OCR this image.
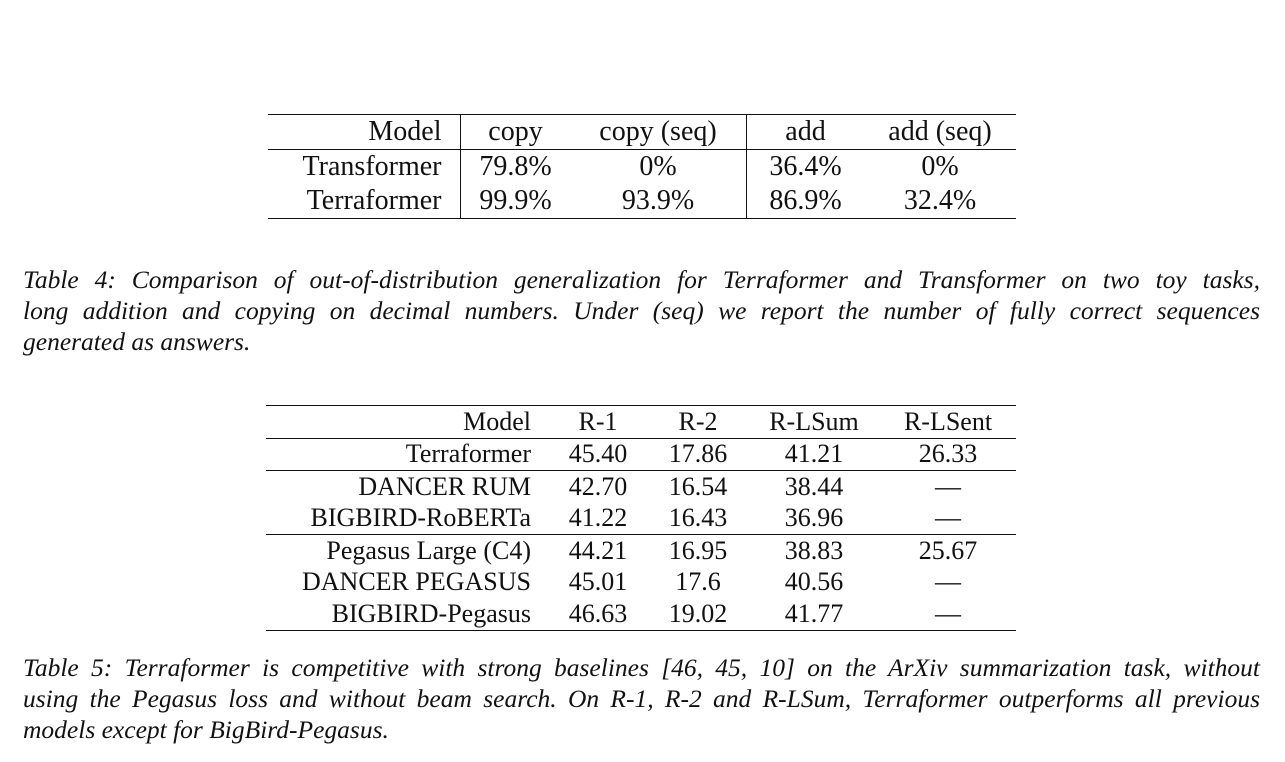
Model	copy	copy (seq)	add	add (seq)
Transformer	79.8%	0%	36.4%	0%
Terraformer	99.9%	93.9%	86.9%	32.4%

Table 4: Comparison of out-of-distribution generalization for Terraformer and Transformer on two toy tasks,
long addition and copying on decimal numbers. Under (seq) we report the number of fully correct sequences
generated as answers.

Model	R-1	R-2	R-LSum	R-LSent
Terraformer	45.40	17.86	41.21	26.33
DANCER RUM	42.70	16.54	38.44	—
BIGBIRD-RoBERTa	41.22	16.43	36.96	—
Pegasus Large (C4)	44.21	16.95	38.83	25.67
DANCER PEGASUS	45.01	17.6	40.56	—
BIGBIRD-Pegasus	46.63	19.02	41.77	—

Table 5: Terraformer is competitive with strong baselines [46, 45, 10] on the ArXiv summarization task, without
using the Pegasus loss and without beam search. On R-1, R-2 and R-LSum, Terraformer outperforms all previous
models except for BigBird-Pegasus.
